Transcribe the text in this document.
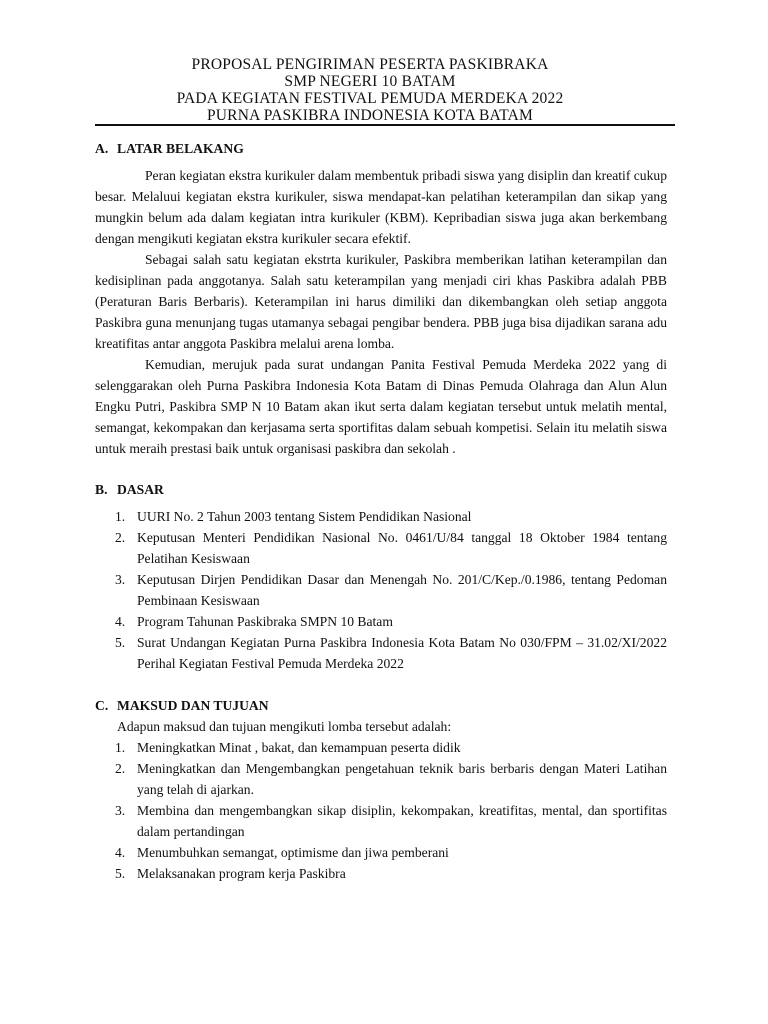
PROPOSAL PENGIRIMAN PESERTA PASKIBRAKA
SMP NEGERI 10 BATAM
PADA KEGIATAN FESTIVAL PEMUDA MERDEKA 2022
PURNA PASKIBRA INDONESIA KOTA BATAM
A. LATAR BELAKANG

Peran kegiatan ekstra kurikuler dalam membentuk pribadi siswa yang disiplin dan kreatif cukup besar. Melaluui kegiatan ekstra kurikuler, siswa mendapat-kan pelatihan keterampilan dan sikap yang mungkin belum ada dalam kegiatan intra kurikuler (KBM). Kepribadian siswa juga akan berkembang dengan mengikuti kegiatan ekstra kurikuler secara efektif.

Sebagai salah satu kegiatan ekstrta kurikuler, Paskibra memberikan latihan keterampilan dan kedisiplinan pada anggotanya. Salah satu keterampilan yang menjadi ciri khas Paskibra adalah PBB (Peraturan Baris Berbaris). Keterampilan ini harus dimiliki dan dikembangkan oleh setiap anggota Paskibra guna menunjang tugas utamanya sebagai pengibar bendera. PBB juga bisa dijadikan sarana adu kreatifitas antar anggota Paskibra melalui arena lomba.

Kemudian, merujuk pada surat undangan Panita Festival Pemuda Merdeka 2022 yang di selenggarakan oleh Purna Paskibra Indonesia Kota Batam di Dinas Pemuda Olahraga dan Alun Alun Engku Putri, Paskibra SMP N 10 Batam akan ikut serta dalam kegiatan tersebut untuk melatih mental, semangat, kekompakan dan kerjasama serta sportifitas dalam sebuah kompetisi. Selain itu melatih siswa untuk meraih prestasi baik untuk organisasi paskibra dan sekolah .

B. DASAR
1. UURI No. 2 Tahun 2003 tentang Sistem Pendidikan Nasional
2. Keputusan Menteri Pendidikan Nasional No. 0461/U/84 tanggal 18 Oktober 1984 tentang Pelatihan Kesiswaan
3. Keputusan Dirjen Pendidikan Dasar dan Menengah No. 201/C/Kep./0.1986, tentang Pedoman Pembinaan Kesiswaan
4. Program Tahunan Paskibraka SMPN 10 Batam
5. Surat Undangan Kegiatan Purna Paskibra Indonesia Kota Batam No 030/FPM – 31.02/XI/2022 Perihal Kegiatan Festival Pemuda Merdeka 2022
C. MAKSUD DAN TUJUAN

Adapun maksud dan tujuan mengikuti lomba tersebut adalah:

1. Meningkatkan Minat , bakat, dan kemampuan peserta didik
2. Meningkatkan dan Mengembangkan pengetahuan teknik baris berbaris dengan Materi Latihan yang telah di ajarkan.
3. Membina dan mengembangkan sikap disiplin, kekompakan, kreatifitas, mental, dan sportifitas dalam pertandingan
4. Menumbuhkan semangat, optimisme dan jiwa pemberani
5. Melaksanakan program kerja Paskibra
